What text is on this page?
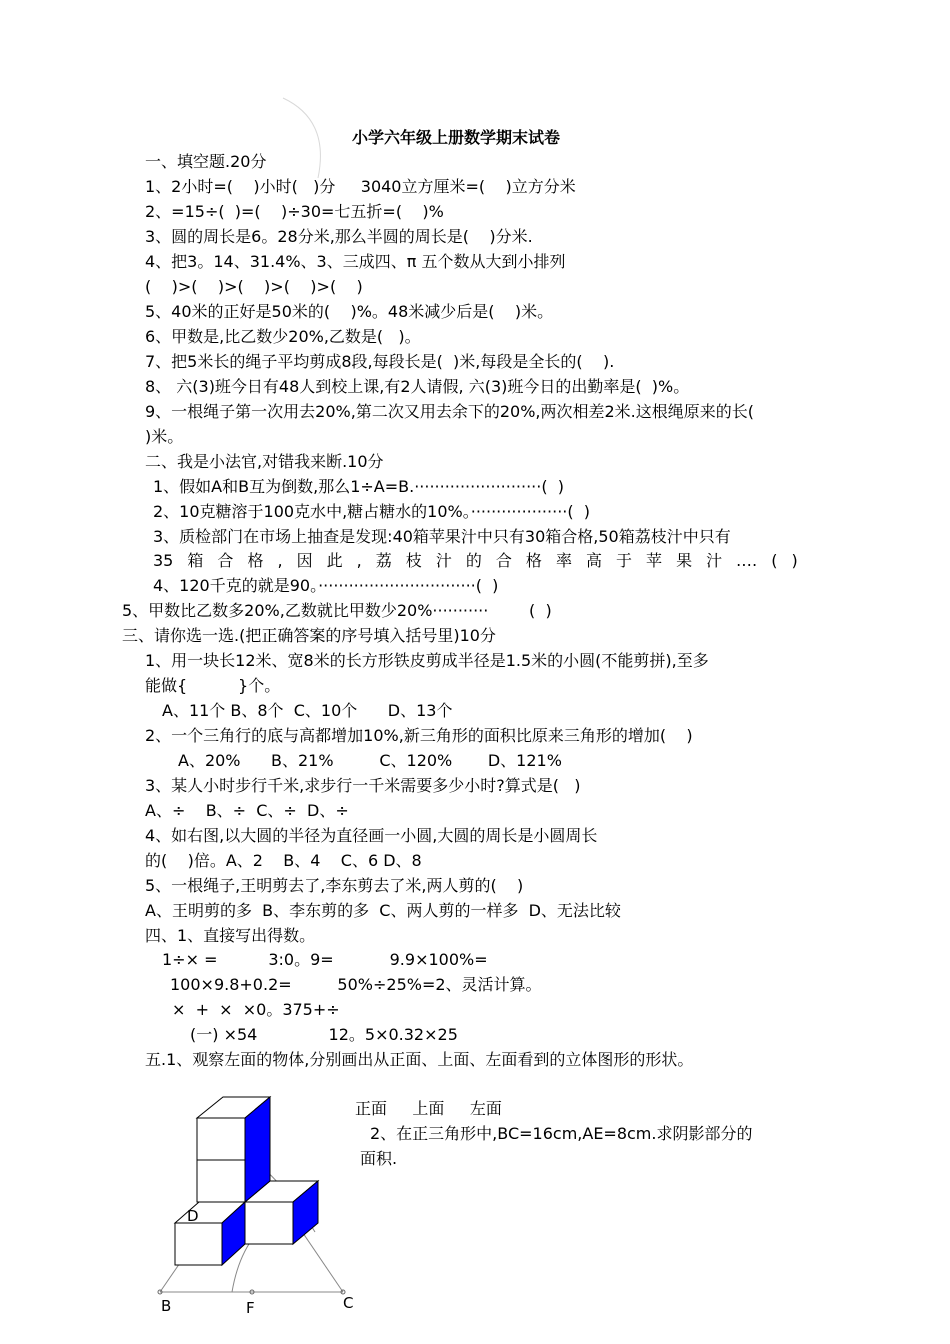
小学六年级上册数学期末试卷
一、填空题.20分
1、2小时=(    )小时(   )分     3040立方厘米=(    )立方分米
2、=15÷(  )=(    )÷30=七五折=(    )%
3、圆的周长是6。28分米,那么半圆的周长是(    )分米.
4、把3。14、31.4%、3、三成四、π 五个数从大到小排列
(    )>(    )>(    )>(    )>(    )
5、40米的正好是50米的(    )%。48米减少后是(    )米。
6、甲数是,比乙数少20%,乙数是(   )。
7、把5米长的绳子平均剪成8段,每段长是(  )米,每段是全长的(    ).
8、 六(3)班今日有48人到校上课,有2人请假, 六(3)班今日的出勤率是(  )%。
9、一根绳子第一次用去20%,第二次又用去余下的20%,两次相差2米.这根绳原来的长(
)米。
二、我是小法官,对错我来断.10分
1、假如A和B互为倒数,那么1÷A=B.·························(  )
2、10克糖溶于100克水中,糖占糖水的10%。···················(  )
3、质检部门在市场上抽查是发现:40箱苹果汁中只有30箱合格,50箱荔枝汁中只有
35 箱 合 格 , 因 此 , 荔 枝 汁 的 合 格 率 高 于 苹 果 汁 .… ( )
4、120千克的就是90。·······························(  )
5、甲数比乙数多20%,乙数就比甲数少20%···········        (  )
三、请你选一选.(把正确答案的序号填入括号里)10分
1、用一块长12米、宽8米的长方形铁皮剪成半径是1.5米的小圆(不能剪拼),至多
能做{          }个。
A、11个 B、8个  C、10个      D、13个
2、一个三角行的底与高都增加10%,新三角形的面积比原来三角形的增加(    )
A、20%      B、21%         C、120%       D、121%
3、某人小时步行千米,求步行一千米需要多少小时?算式是(   )
A、÷    B、÷  C、÷  D、÷
4、如右图,以大圆的半径为直径画一小圆,大圆的周长是小圆周长
的(    )倍。A、2    B、4    C、6 D、8
5、一根绳子,王明剪去了,李东剪去了米,两人剪的(    )
A、王明剪的多  B、李东剪的多  C、两人剪的一样多  D、无法比较
四、1、直接写出得数。
1÷× =          3:0。9=           9.9×100%=
100×9.8+0.2=         50%÷25%=2、灵活计算。
×  +  ×  ×0。375+÷
(一) ×54              12。5×0.32×25
五.1、观察左面的物体,分别画出从正面、上面、左面看到的立体图形的形状。
正面     上面     左面
2、在正三角形中,BC=16cm,AE=8cm.求阴影部分的
面积.
D
B	F	C
